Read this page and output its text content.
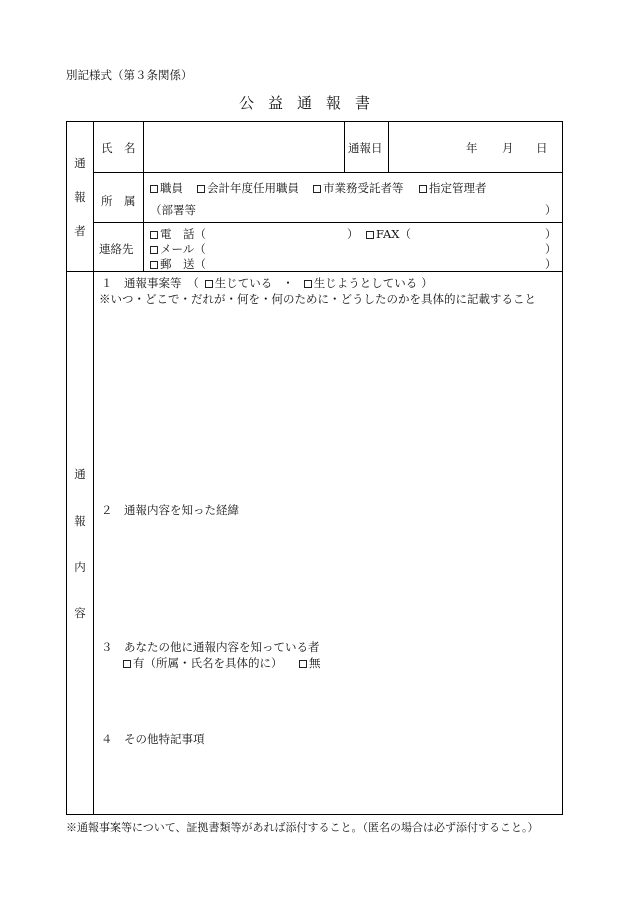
別記様式（第３条関係）
公益通報書
通
報
者
氏　名	通報日	年 月 日
所　属
職員	会計年度任用職員	市業務受託者等	指定管理者
（部署等	）
連絡先
電　話（	）	FAX（	）
メール（	）
郵　送（	）
通
報
内
容
１　通報事案等　（ 生じている ・ 生じようとしている ）
※いつ・どこで・だれが・何を・何のために・どうしたのかを具体的に記載すること
２　通報内容を知った経緯
３　あなたの他に通報内容を知っている者
有（所属・氏名を具体的に）	無
４　その他特記事項
※通報事案等について、証拠書類等があれば添付すること。（匿名の場合は必ず添付すること。）
